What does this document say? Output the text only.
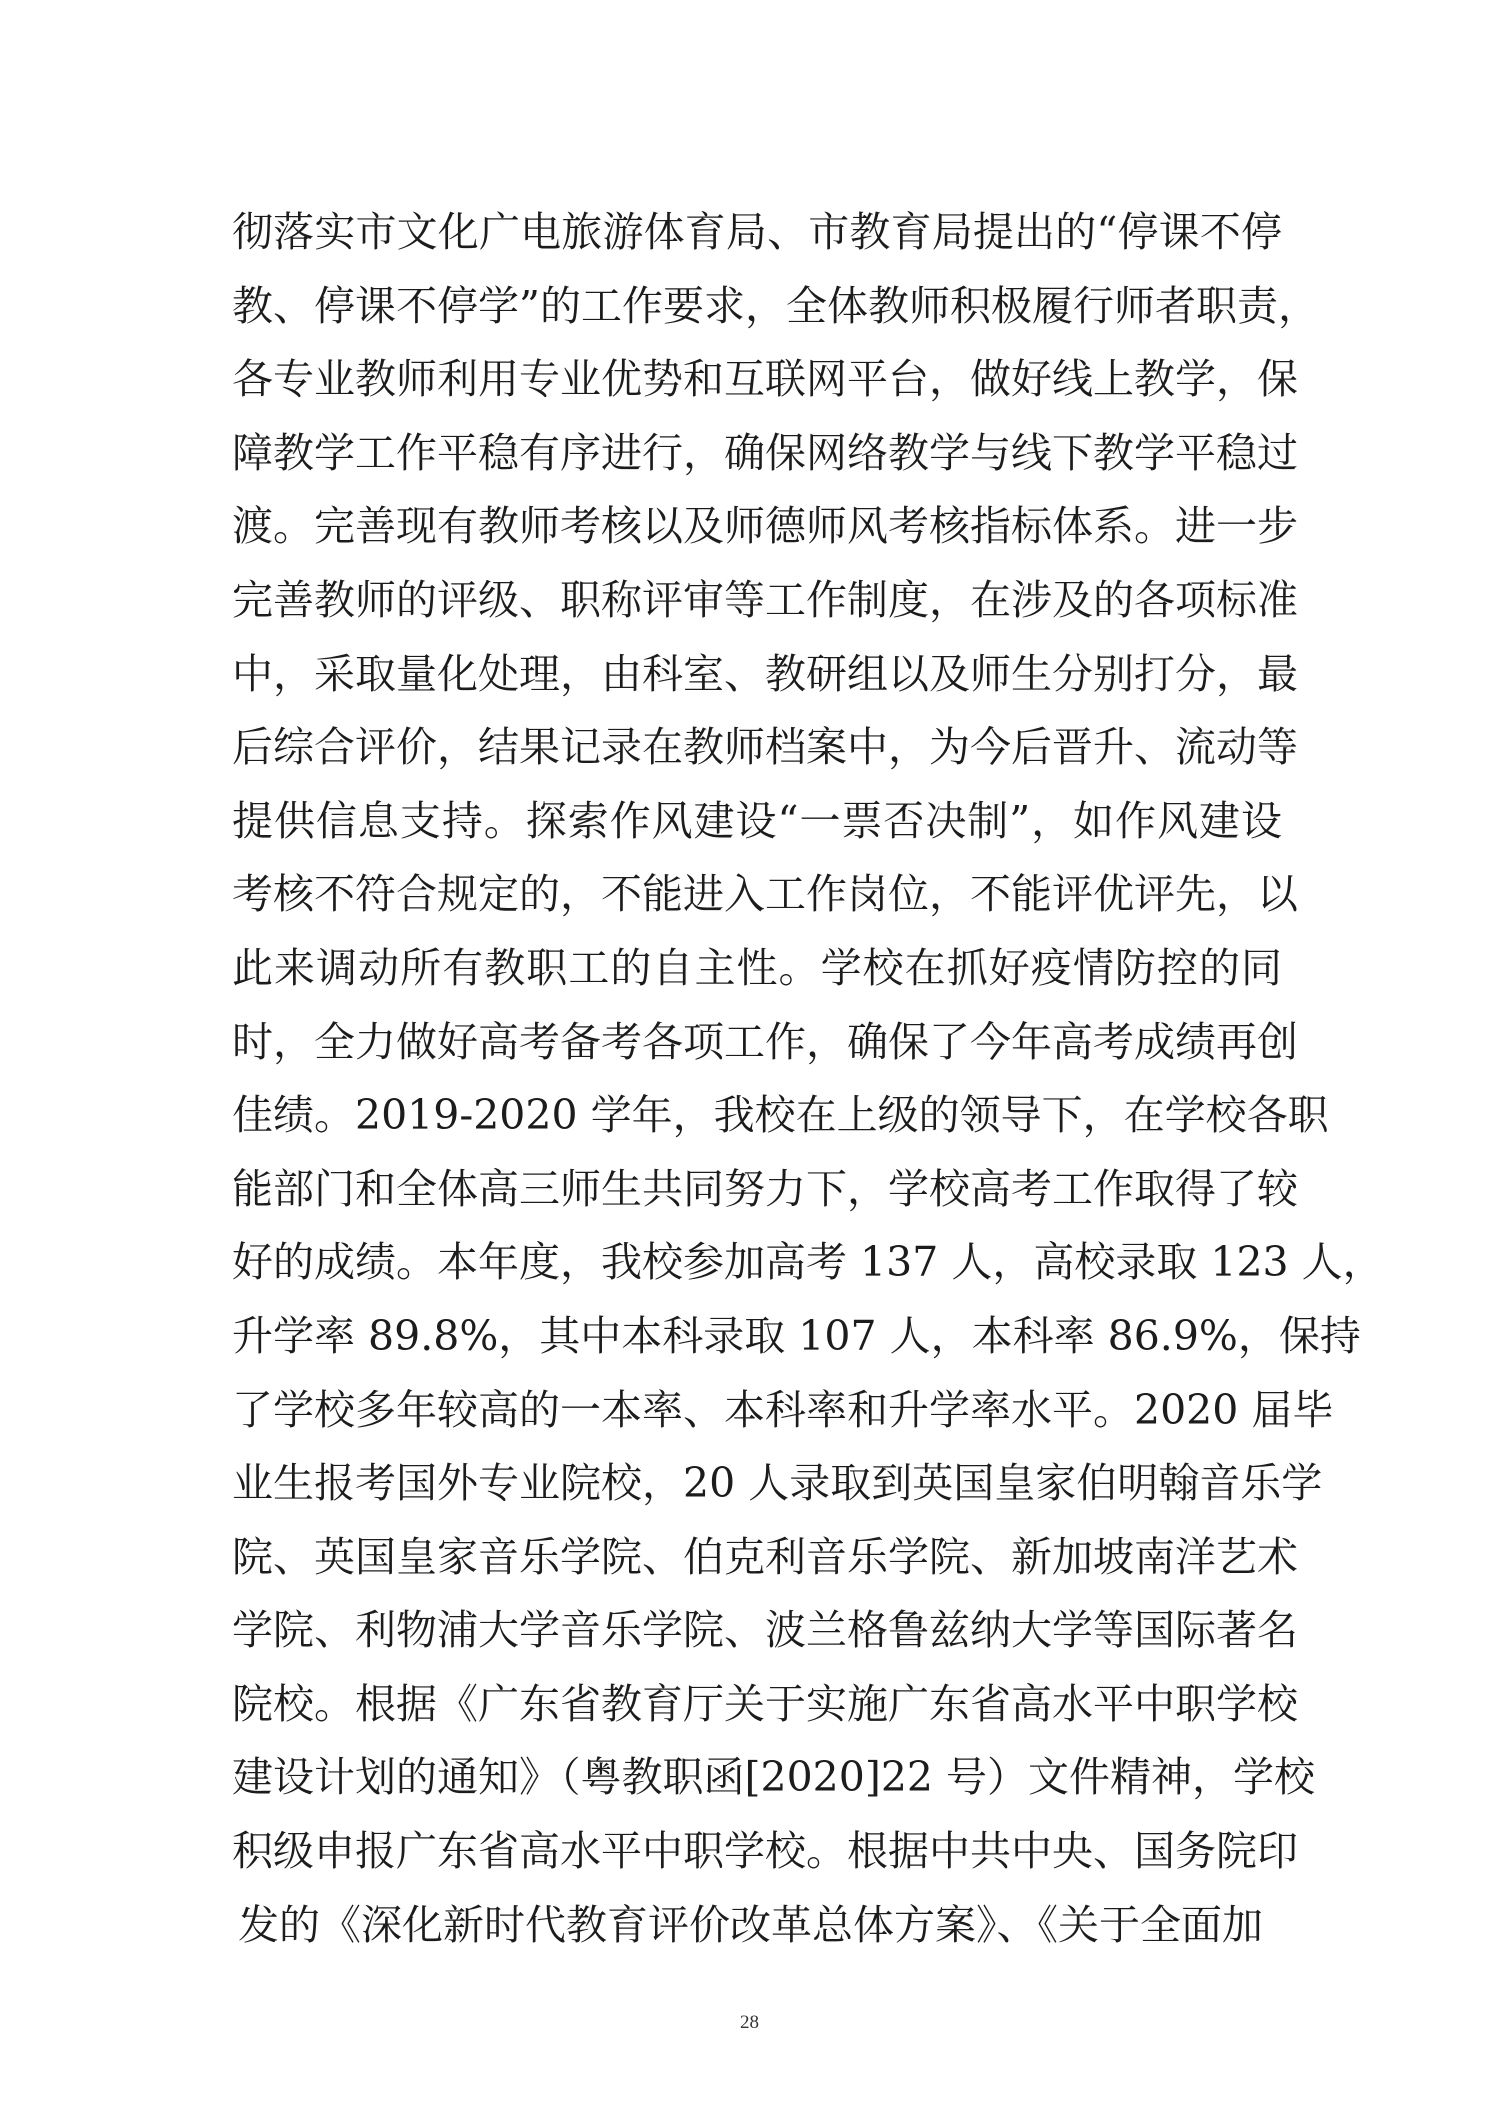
彻落实市文化广电旅游体育局、市教育局提出的“停课不停
教、停课不停学”的工作要求，全体教师积极履行师者职责，
各专业教师利用专业优势和互联网平台，做好线上教学，保
障教学工作平稳有序进行，确保网络教学与线下教学平稳过
渡。完善现有教师考核以及师德师风考核指标体系。进一步
完善教师的评级、职称评审等工作制度，在涉及的各项标准
中，采取量化处理，由科室、教研组以及师生分别打分，最
后综合评价，结果记录在教师档案中，为今后晋升、流动等
提供信息支持。探索作风建设“一票否决制”，如作风建设
考核不符合规定的，不能进入工作岗位，不能评优评先，以
此来调动所有教职工的自主性。学校在抓好疫情防控的同
时，全力做好高考备考各项工作，确保了今年高考成绩再创
佳绩。2019-2020 学年，我校在上级的领导下，在学校各职
能部门和全体高三师生共同努力下，学校高考工作取得了较
好的成绩。本年度，我校参加高考 137 人，高校录取 123 人，
升学率 89.8%，其中本科录取 107 人，本科率 86.9%，保持
了学校多年较高的一本率、本科率和升学率水平。2020 届毕
业生报考国外专业院校，20 人录取到英国皇家伯明翰音乐学
院、英国皇家音乐学院、伯克利音乐学院、新加坡南洋艺术
学院、利物浦大学音乐学院、波兰格鲁兹纳大学等国际著名
院校。根据《广东省教育厅关于实施广东省高水平中职学校
建设计划的通知》（粤教职函[2020]22 号）文件精神，学校
积级申报广东省高水平中职学校。根据中共中央、国务院印
发的《深化新时代教育评价改革总体方案》、《关于全面加
28
